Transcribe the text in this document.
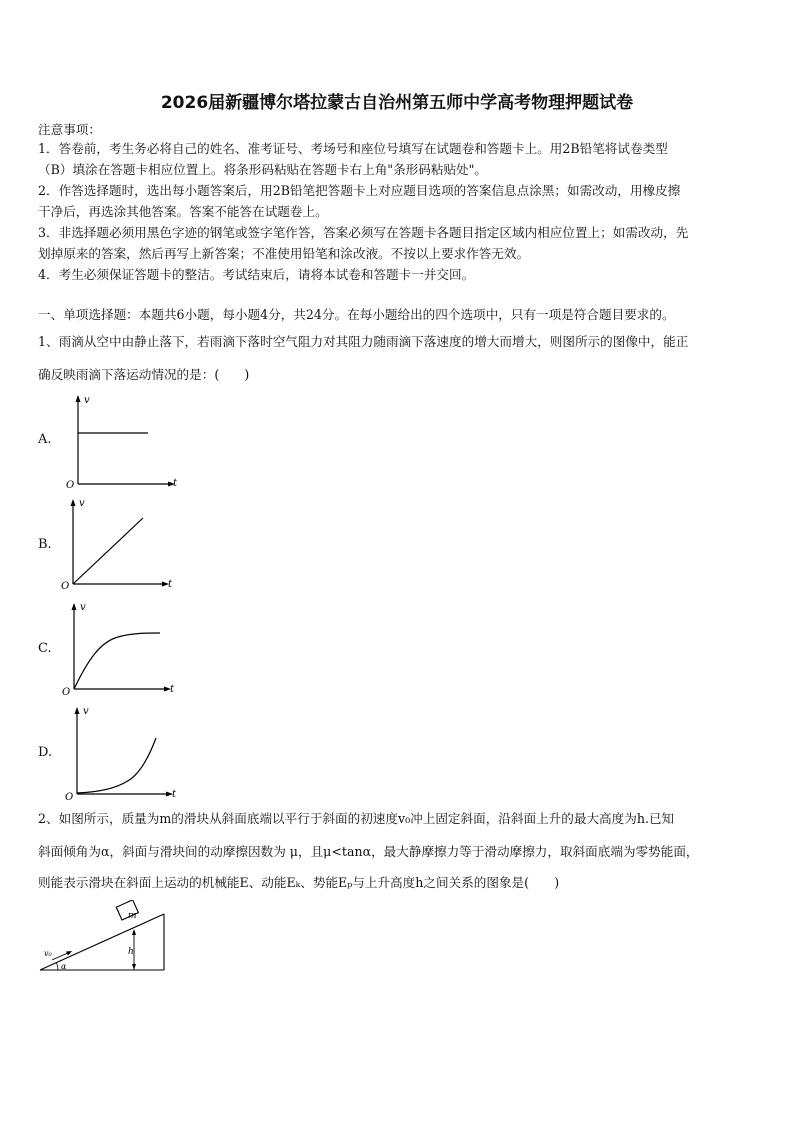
2026届新疆博尔塔拉蒙古自治州第五师中学高考物理押题试卷
注意事项：
1．答卷前，考生务必将自己的姓名、准考证号、考场号和座位号填写在试题卷和答题卡上。用2B铅笔将试卷类型
（B）填涂在答题卡相应位置上。将条形码粘贴在答题卡右上角"条形码粘贴处"。
2．作答选择题时，选出每小题答案后，用2B铅笔把答题卡上对应题目选项的答案信息点涂黑；如需改动，用橡皮擦
干净后，再选涂其他答案。答案不能答在试题卷上。
3．非选择题必须用黑色字迹的钢笔或签字笔作答，答案必须写在答题卡各题目指定区域内相应位置上；如需改动，先
划掉原来的答案，然后再写上新答案；不准使用铅笔和涂改液。不按以上要求作答无效。
4．考生必须保证答题卡的整洁。考试结束后，请将本试卷和答题卡一并交回。
一、单项选择题：本题共6小题，每小题4分，共24分。在每小题给出的四个选项中，只有一项是符合题目要求的。
1、雨滴从空中由静止落下，若雨滴下落时空气阻力对其阻力随雨滴下落速度的增大而增大，则图所示的图像中，能正
确反映雨滴下落运动情况的是：(　　)
A.
v
t
O
B.
v
t
O
C.
v
t
O
D.
v
t
O
2、如图所示，质量为m的滑块从斜面底端以平行于斜面的初速度v₀冲上固定斜面，沿斜面上升的最大高度为h.已知
斜面倾角为α，斜面与滑块间的动摩擦因数为 μ，且μ<tanα，最大静摩擦力等于滑动摩擦力，取斜面底端为零势能面，
则能表示滑块在斜面上运动的机械能E、动能Eₖ、势能Eₚ与上升高度h之间关系的图象是(　　)
m
h
v₀
α
